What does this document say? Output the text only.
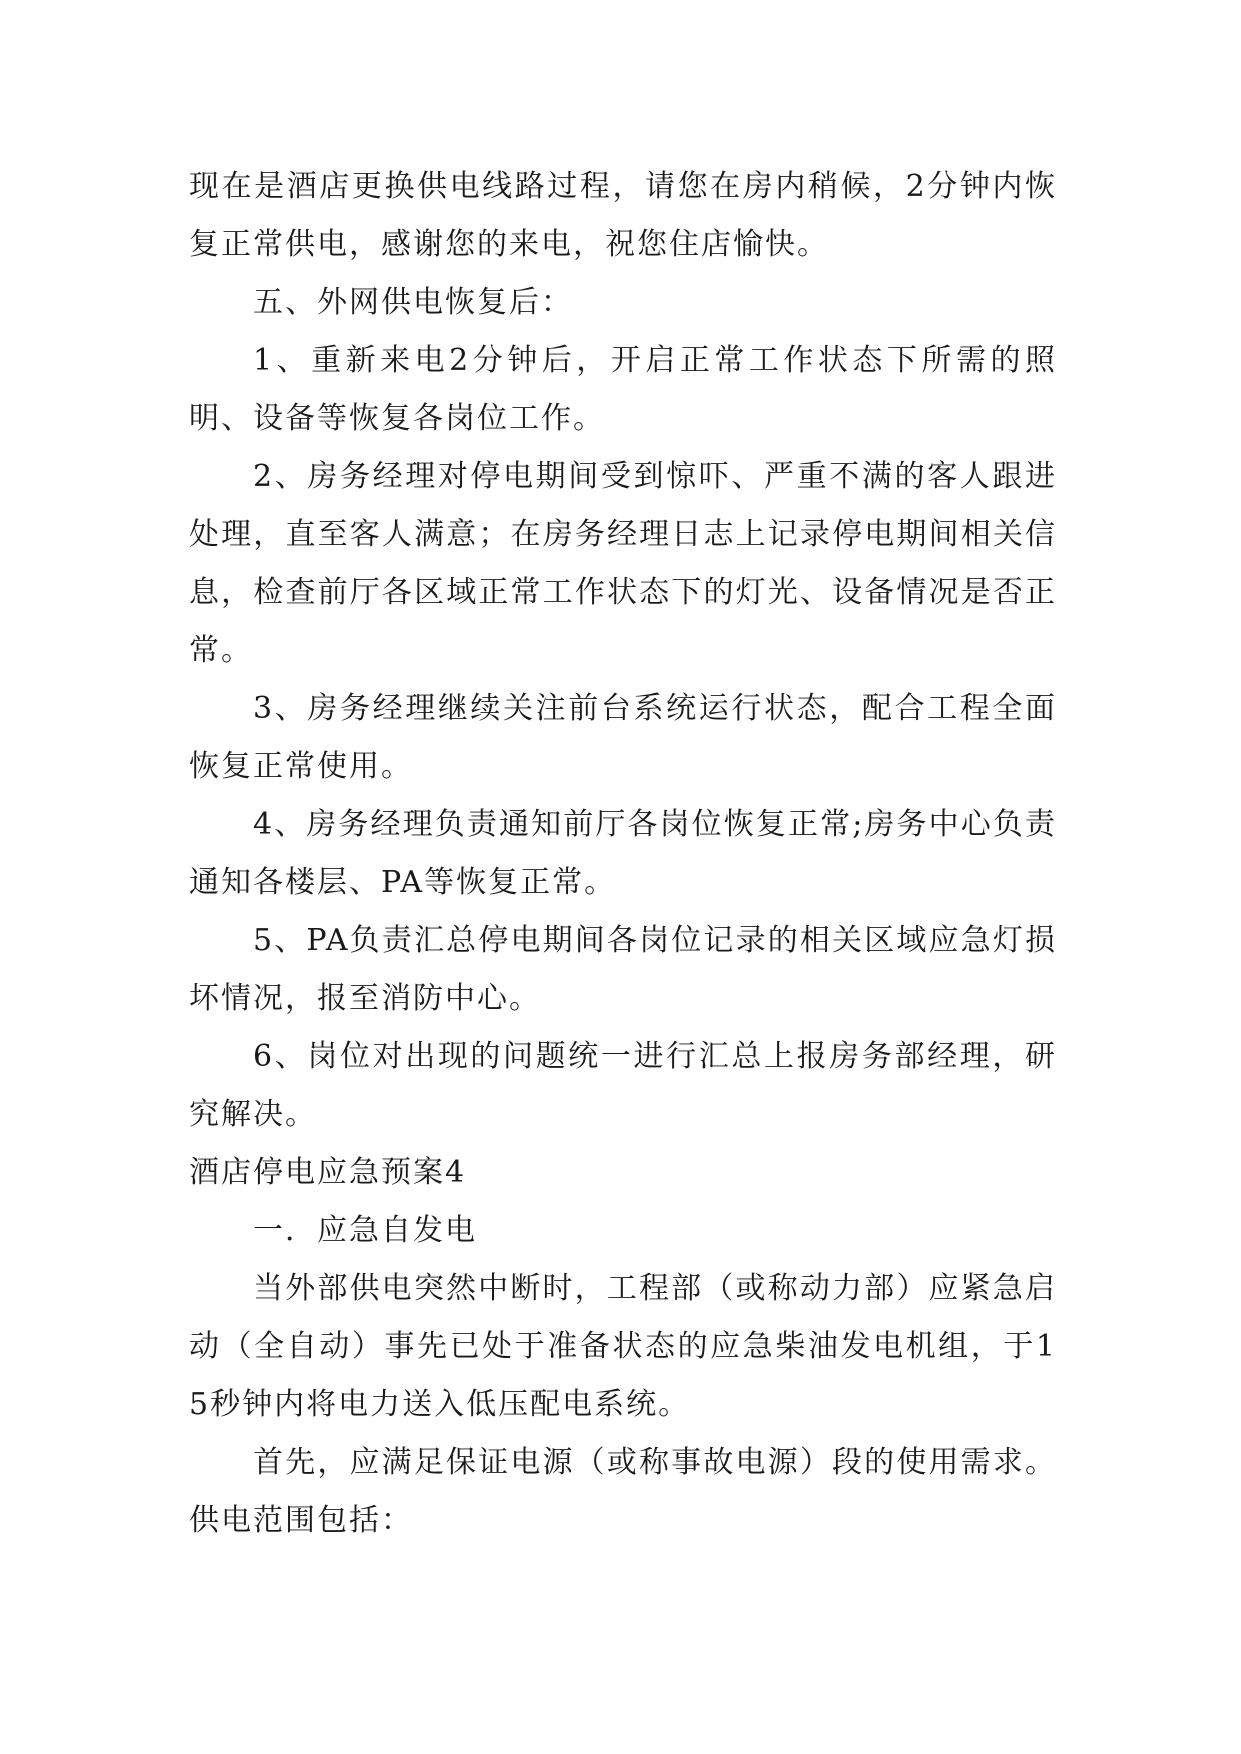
现在是酒店更换供电线路过程，请您在房内稍候，2分钟内恢复正常供电，感谢您的来电，祝您住店愉快。

五、外网供电恢复后：

1、重新来电2分钟后，开启正常工作状态下所需的照明、设备等恢复各岗位工作。

2、房务经理对停电期间受到惊吓、严重不满的客人跟进处理，直至客人满意；在房务经理日志上记录停电期间相关信息，检查前厅各区域正常工作状态下的灯光、设备情况是否正常。

3、房务经理继续关注前台系统运行状态，配合工程全面恢复正常使用。

4、房务经理负责通知前厅各岗位恢复正常;房务中心负责通知各楼层、PA等恢复正常。

5、PA负责汇总停电期间各岗位记录的相关区域应急灯损坏情况，报至消防中心。

6、岗位对出现的问题统一进行汇总上报房务部经理，研究解决。

酒店停电应急预案4

一．应急自发电

当外部供电突然中断时，工程部（或称动力部）应紧急启动（全自动）事先已处于准备状态的应急柴油发电机组，于15秒钟内将电力送入低压配电系统。

首先，应满足保证电源（或称事故电源）段的使用需求。供电范围包括：
